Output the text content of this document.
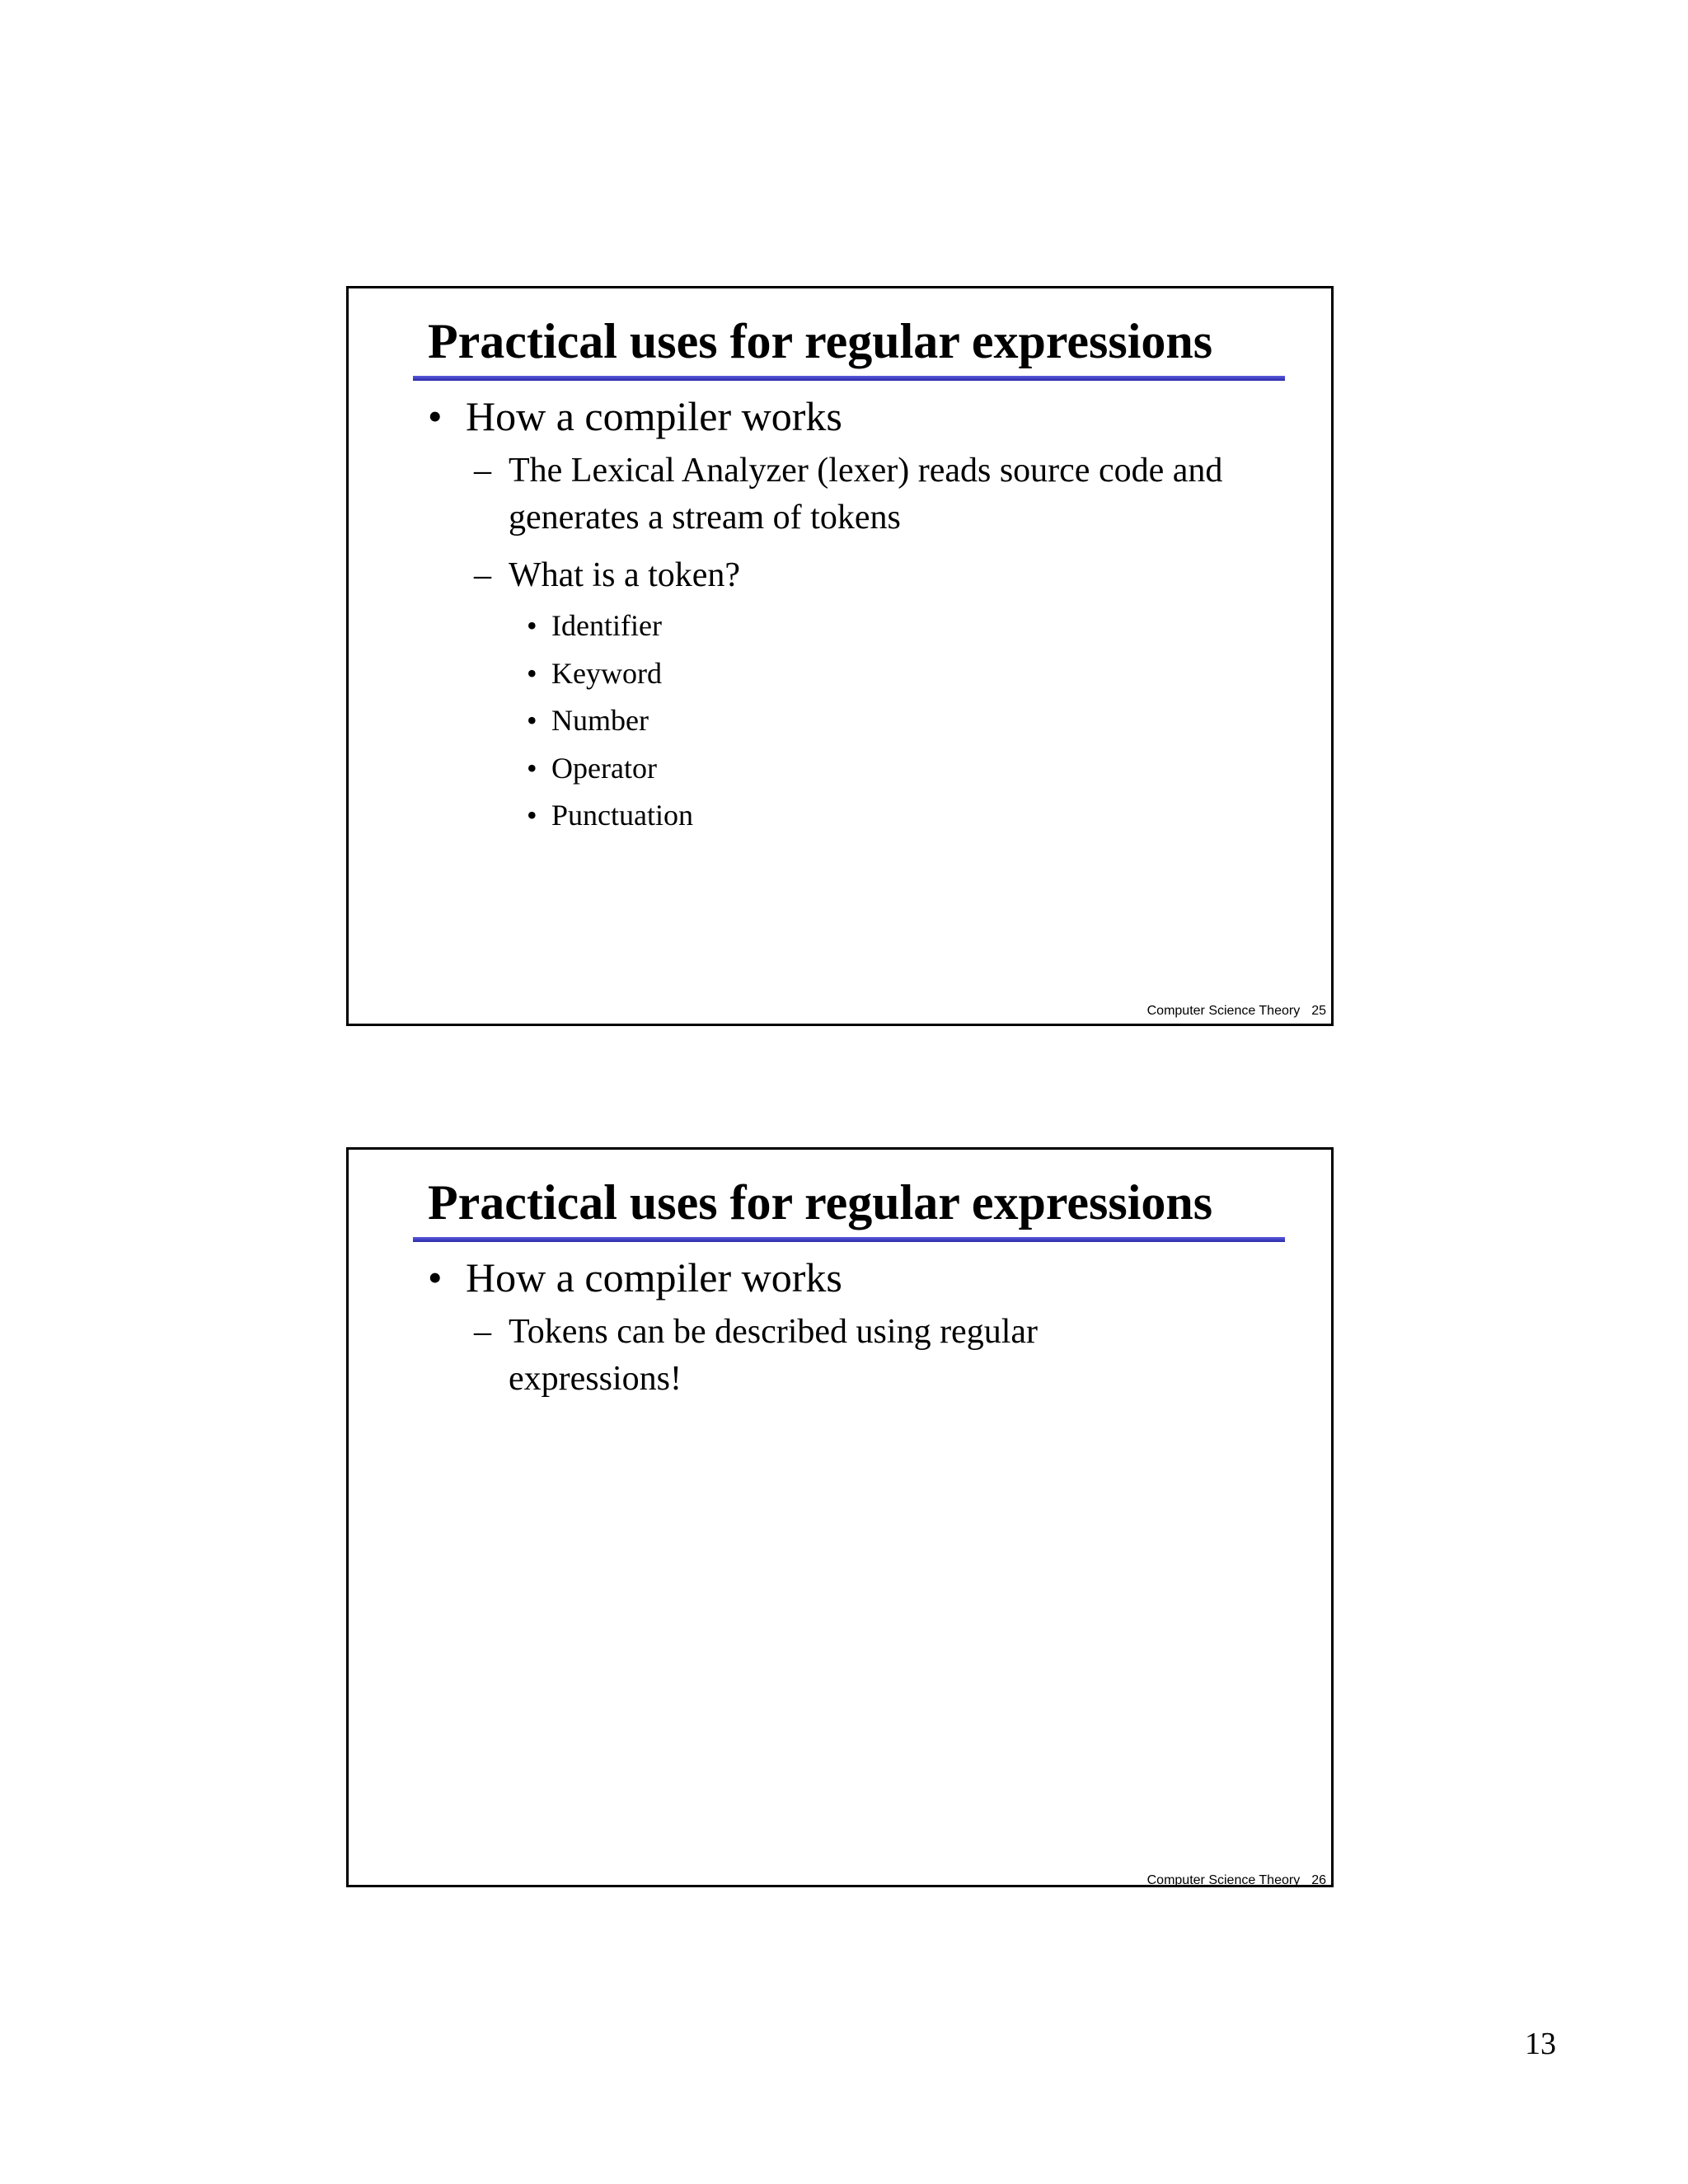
Practical uses for regular expressions
• How a compiler works
– The Lexical Analyzer (lexer) reads source code and generates a stream of tokens
– What is a token?
• Identifier
• Keyword
• Number
• Operator
• Punctuation
Computer Science Theory 25
Practical uses for regular expressions
• How a compiler works
– Tokens can be described using regular expressions!
Computer Science Theory 26
13
